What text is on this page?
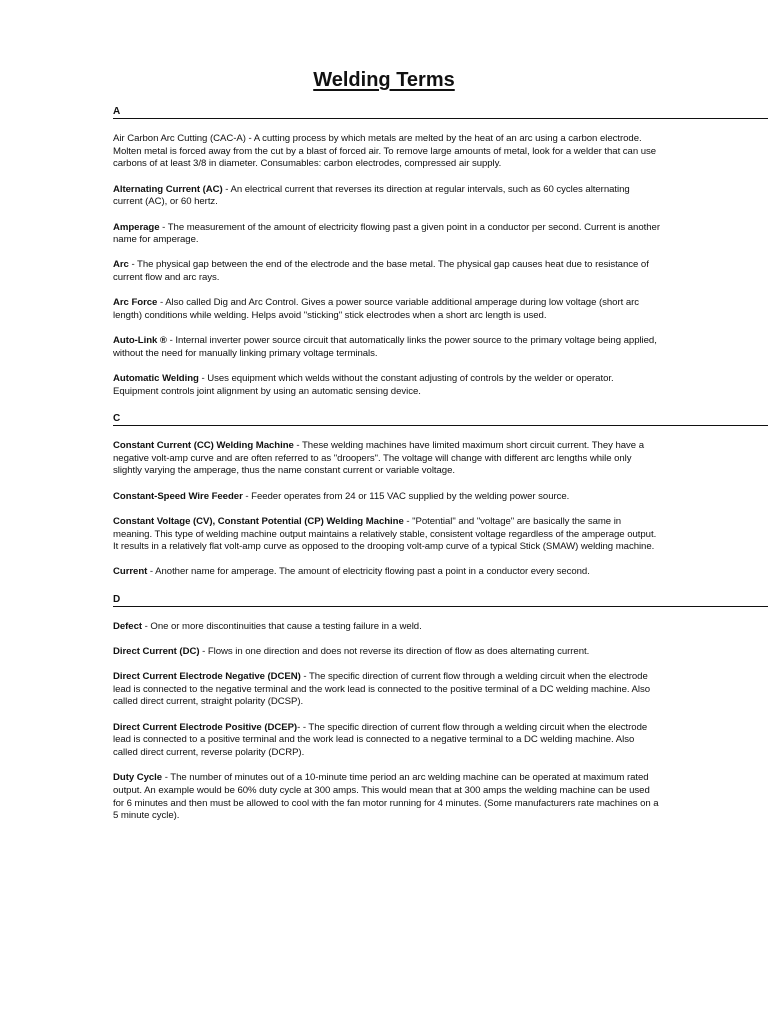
Welding Terms
A

Air Carbon Arc Cutting (CAC-A) - A cutting process by which metals are melted by the heat of an arc using a carbon electrode. Molten metal is forced away from the cut by a blast of forced air. To remove large amounts of metal, look for a welder that can use carbons of at least 3/8 in diameter. Consumables: carbon electrodes, compressed air supply.

Alternating Current (AC) - An electrical current that reverses its direction at regular intervals, such as 60 cycles alternating current (AC), or 60 hertz.

Amperage - The measurement of the amount of electricity flowing past a given point in a conductor per second. Current is another name for amperage.

Arc - The physical gap between the end of the electrode and the base metal. The physical gap causes heat due to resistance of current flow and arc rays.

Arc Force - Also called Dig and Arc Control. Gives a power source variable additional amperage during low voltage (short arc length) conditions while welding. Helps avoid "sticking" stick electrodes when a short arc length is used.

Auto-Link ® - Internal inverter power source circuit that automatically links the power source to the primary voltage being applied, without the need for manually linking primary voltage terminals.

Automatic Welding - Uses equipment which welds without the constant adjusting of controls by the welder or operator. Equipment controls joint alignment by using an automatic sensing device.

C

Constant Current (CC) Welding Machine - These welding machines have limited maximum short circuit current. They have a negative volt-amp curve and are often referred to as "droopers". The voltage will change with different arc lengths while only slightly varying the amperage, thus the name constant current or variable voltage.

Constant-Speed Wire Feeder - Feeder operates from 24 or 115 VAC supplied by the welding power source.

Constant Voltage (CV), Constant Potential (CP) Welding Machine - "Potential" and "voltage" are basically the same in meaning. This type of welding machine output maintains a relatively stable, consistent voltage regardless of the amperage output. It results in a relatively flat volt-amp curve as opposed to the drooping volt-amp curve of a typical Stick (SMAW) welding machine.

Current - Another name for amperage. The amount of electricity flowing past a point in a conductor every second.

D

Defect - One or more discontinuities that cause a testing failure in a weld.

Direct Current (DC) - Flows in one direction and does not reverse its direction of flow as does alternating current.

Direct Current Electrode Negative (DCEN) - The specific direction of current flow through a welding circuit when the electrode lead is connected to the negative terminal and the work lead is connected to the positive terminal of a DC welding machine. Also called direct current, straight polarity (DCSP).

Direct Current Electrode Positive (DCEP)- - The specific direction of current flow through a welding circuit when the electrode lead is connected to a positive terminal and the work lead is connected to a negative terminal to a DC welding machine. Also called direct current, reverse polarity (DCRP).

Duty Cycle - The number of minutes out of a 10-minute time period an arc welding machine can be operated at maximum rated output. An example would be 60% duty cycle at 300 amps. This would mean that at 300 amps the welding machine can be used for 6 minutes and then must be allowed to cool with the fan motor running for 4 minutes. (Some manufacturers rate machines on a 5 minute cycle).
